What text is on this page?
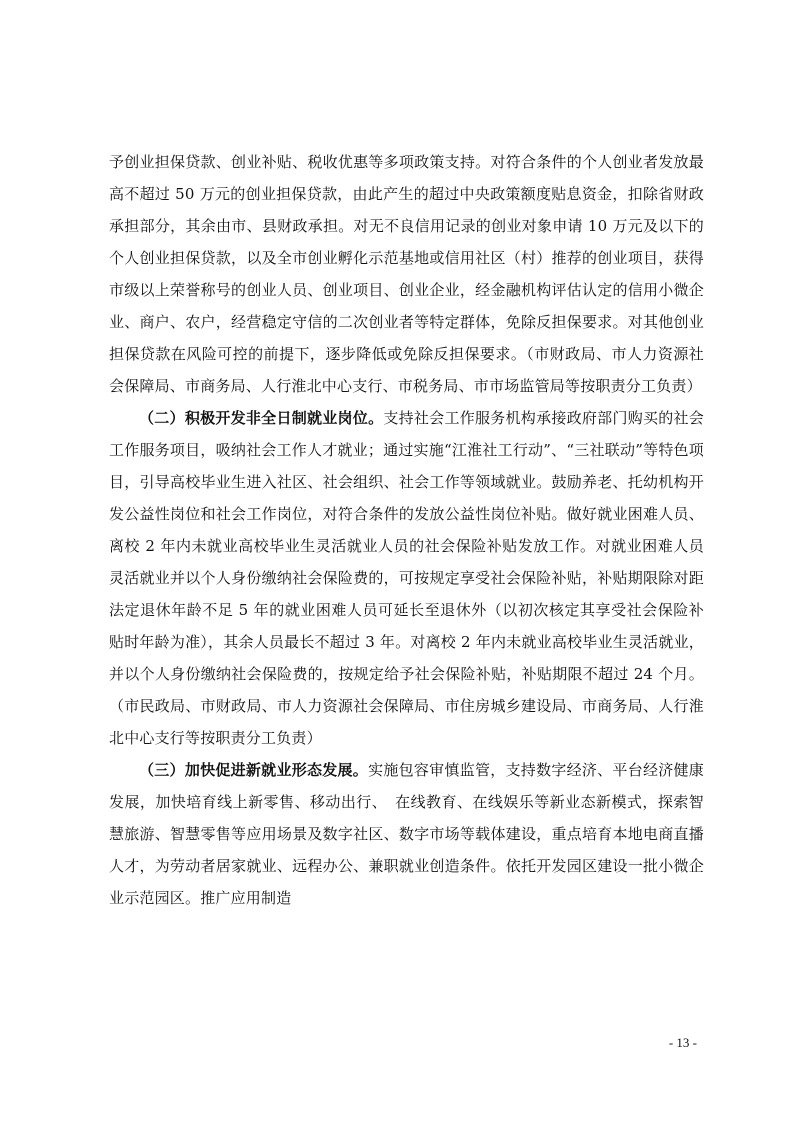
予创业担保贷款、创业补贴、税收优惠等多项政策支持。对符合条件的个人创业者发放最高不超过 50 万元的创业担保贷款，由此产生的超过中央政策额度贴息资金，扣除省财政承担部分，其余由市、县财政承担。对无不良信用记录的创业对象申请 10 万元及以下的个人创业担保贷款，以及全市创业孵化示范基地或信用社区（村）推荐的创业项目，获得市级以上荣誉称号的创业人员、创业项目、创业企业，经金融机构评估认定的信用小微企业、商户、农户，经营稳定守信的二次创业者等特定群体，免除反担保要求。对其他创业担保贷款在风险可控的前提下，逐步降低或免除反担保要求。（市财政局、市人力资源社会保障局、市商务局、人行淮北中心支行、市税务局、市市场监管局等按职责分工负责）

（二）积极开发非全日制就业岗位。支持社会工作服务机构承接政府部门购买的社会工作服务项目，吸纳社会工作人才就业；通过实施“江淮社工行动”、“三社联动”等特色项目，引导高校毕业生进入社区、社会组织、社会工作等领域就业。鼓励养老、托幼机构开发公益性岗位和社会工作岗位，对符合条件的发放公益性岗位补贴。做好就业困难人员、离校 2 年内未就业高校毕业生灵活就业人员的社会保险补贴发放工作。对就业困难人员灵活就业并以个人身份缴纳社会保险费的，可按规定享受社会保险补贴，补贴期限除对距法定退休年龄不足 5 年的就业困难人员可延长至退休外（以初次核定其享受社会保险补贴时年龄为准），其余人员最长不超过 3 年。对离校 2 年内未就业高校毕业生灵活就业，并以个人身份缴纳社会保险费的，按规定给予社会保险补贴，补贴期限不超过 24 个月。（市民政局、市财政局、市人力资源社会保障局、市住房城乡建设局、市商务局、人行淮北中心支行等按职责分工负责）

（三）加快促进新就业形态发展。实施包容审慎监管，支持数字经济、平台经济健康发展，加快培育线上新零售、移动出行、　在线教育、在线娱乐等新业态新模式，探索智慧旅游、智慧零售等应用场景及数字社区、数字市场等载体建设，重点培育本地电商直播人才，为劳动者居家就业、远程办公、兼职就业创造条件。依托开发园区建设一批小微企业示范园区。推广应用制造

- 13 -
